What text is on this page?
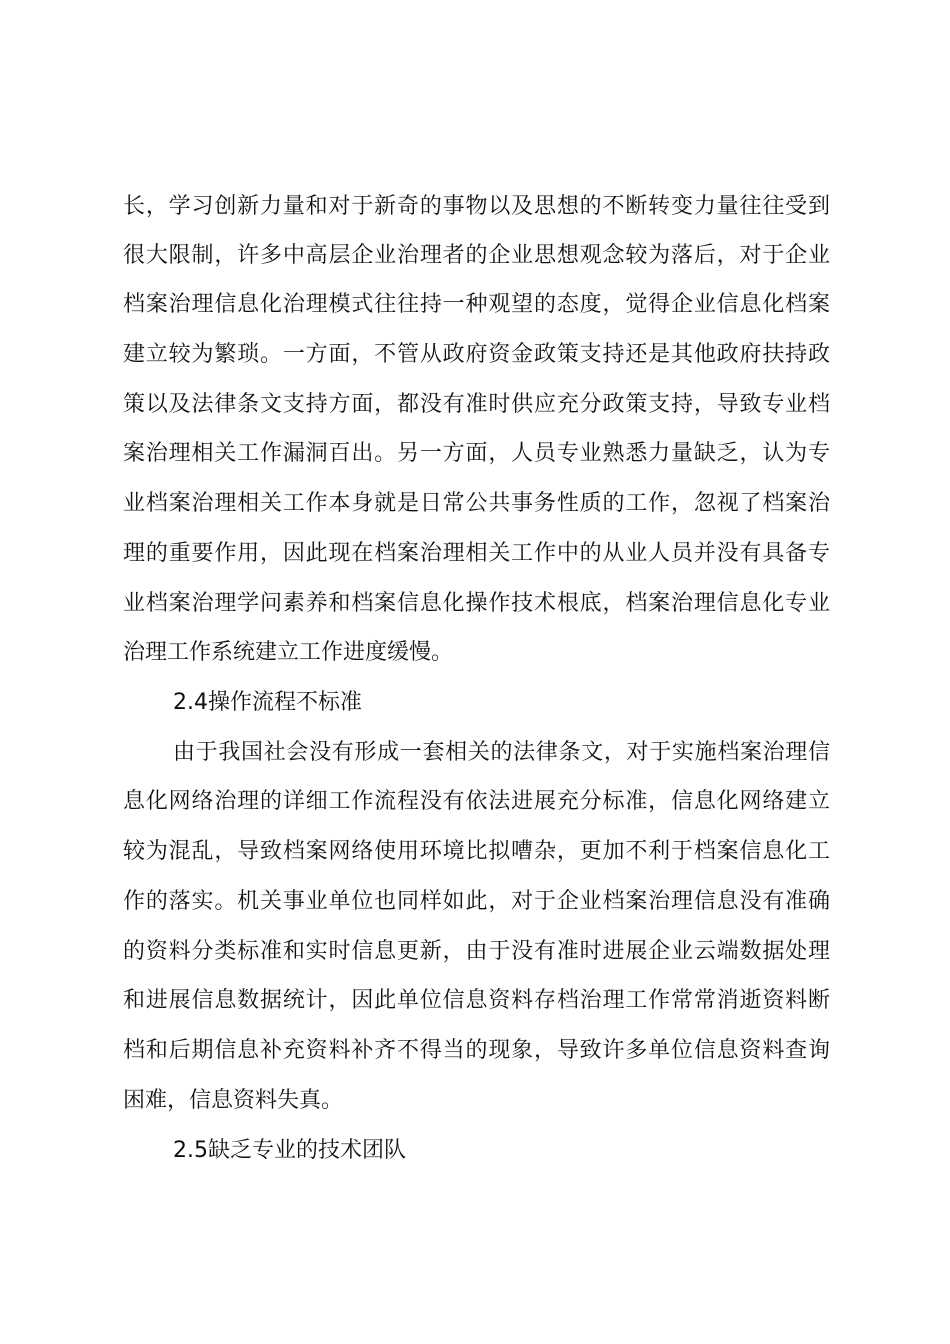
长，学习创新力量和对于新奇的事物以及思想的不断转变力量往往受到
很大限制，许多中高层企业治理者的企业思想观念较为落后，对于企业
档案治理信息化治理模式往往持一种观望的态度，觉得企业信息化档案
建立较为繁琐。一方面，不管从政府资金政策支持还是其他政府扶持政
策以及法律条文支持方面，都没有准时供应充分政策支持，导致专业档
案治理相关工作漏洞百出。另一方面，人员专业熟悉力量缺乏，认为专
业档案治理相关工作本身就是日常公共事务性质的工作，忽视了档案治
理的重要作用，因此现在档案治理相关工作中的从业人员并没有具备专
业档案治理学问素养和档案信息化操作技术根底，档案治理信息化专业
治理工作系统建立工作进度缓慢。
2.4操作流程不标准
由于我国社会没有形成一套相关的法律条文，对于实施档案治理信
息化网络治理的详细工作流程没有依法进展充分标准，信息化网络建立
较为混乱，导致档案网络使用环境比拟嘈杂，更加不利于档案信息化工
作的落实。机关事业单位也同样如此，对于企业档案治理信息没有准确
的资料分类标准和实时信息更新，由于没有准时进展企业云端数据处理
和进展信息数据统计，因此单位信息资料存档治理工作常常消逝资料断
档和后期信息补充资料补齐不得当的现象，导致许多单位信息资料查询
困难，信息资料失真。
2.5缺乏专业的技术团队
